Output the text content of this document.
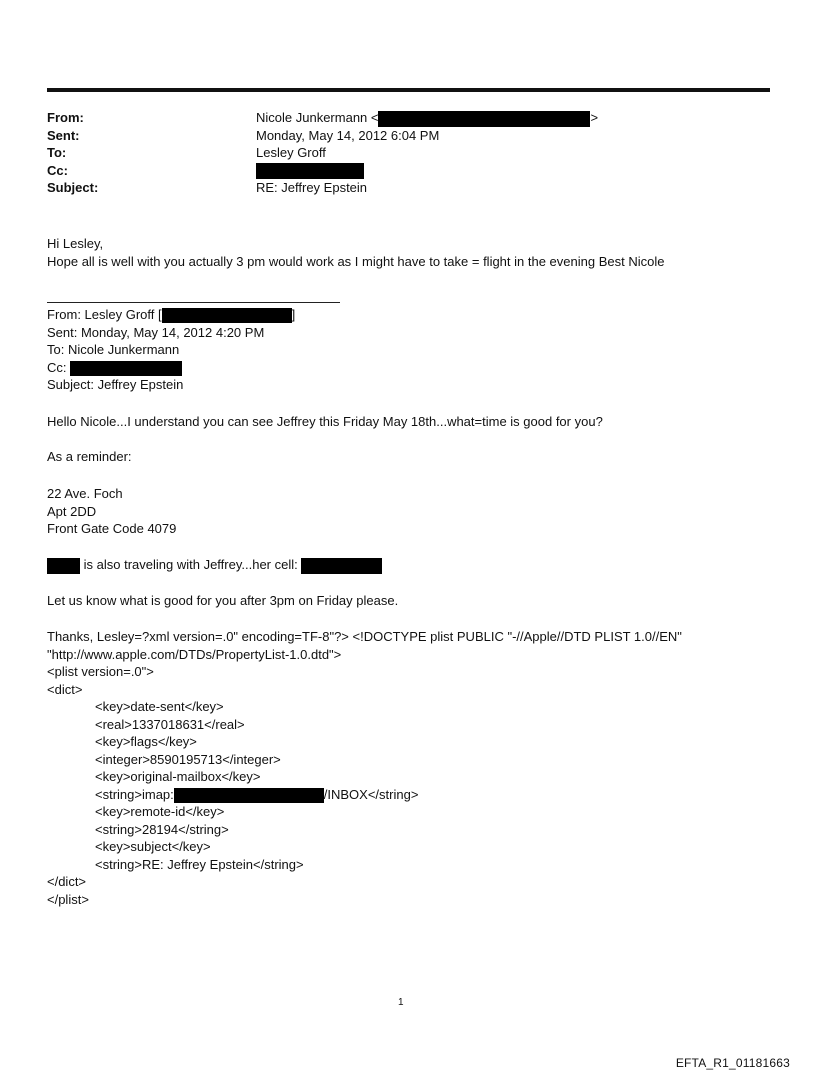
From:	Nicole Junkermann <	>
Sent:	Monday, May 14, 2012 6:04 PM
To:	Lesley Groff
Cc:
Subject:	RE: Jeffrey Epstein
Hi Lesley,
Hope all is well with you actually 3 pm would work as I might have to take = flight in the evening Best Nicole
From: Lesley Groff [	]
Sent: Monday, May 14, 2012 4:20 PM
To: Nicole Junkermann
Cc:
Subject: Jeffrey Epstein
Hello Nicole...I understand you can see Jeffrey this Friday May 18th...what=time is good for you?
As a reminder:
22 Ave. Foch
Apt 2DD
Front Gate Code 4079
is also traveling with Jeffrey...her cell:
Let us know what is good for you after 3pm on Friday please.
Thanks, Lesley=?xml version=.0" encoding=TF-8"?> <!DOCTYPE plist PUBLIC "-//Apple//DTD PLIST 1.0//EN"
"http://www.apple.com/DTDs/PropertyList-1.0.dtd">
<plist version=.0">
<dict>
<key>date-sent</key>
<real>1337018631</real>
<key>flags</key>
<integer>8590195713</integer>
<key>original-mailbox</key>
<string>imap:	/INBOX</string>
<key>remote-id</key>
<string>28194</string>
<key>subject</key>
<string>RE: Jeffrey Epstein</string>
</dict>
</plist>
1
EFTA_R1_01181663
